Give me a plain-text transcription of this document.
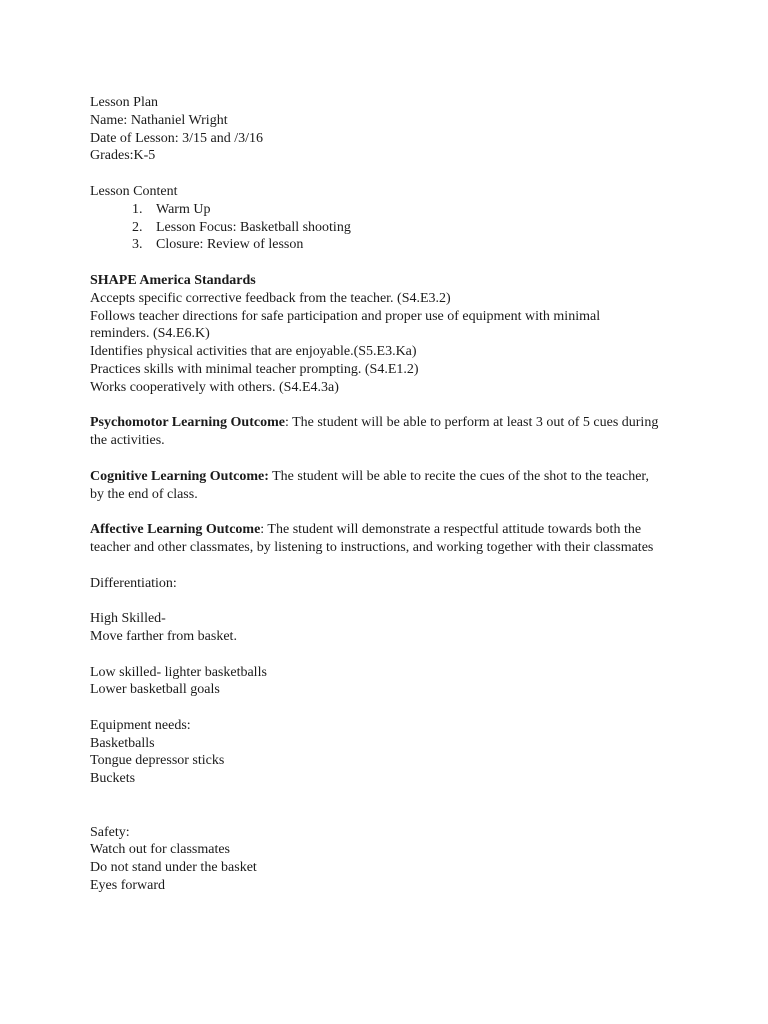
Lesson Plan
Name: Nathaniel Wright
Date of Lesson: 3/15 and /3/16
Grades:K-5
Lesson Content
1. Warm Up
2. Lesson Focus: Basketball shooting
3. Closure: Review of lesson
SHAPE America Standards
Accepts specific corrective feedback from the teacher. (S4.E3.2)
Follows teacher directions for safe participation and proper use of equipment with minimal reminders. (S4.E6.K)
Identifies physical activities that are enjoyable.(S5.E3.Ka)
Practices skills with minimal teacher prompting. (S4.E1.2)
Works cooperatively with others. (S4.E4.3a)
Psychomotor Learning Outcome: The student will be able to perform at least 3 out of 5 cues during the activities.
Cognitive Learning Outcome: The student will be able to recite the cues of the shot to the teacher, by the end of class.
Affective Learning Outcome: The student will demonstrate a respectful attitude towards both the teacher and other classmates, by listening to instructions, and working together with their classmates
Differentiation:
High Skilled-
Move farther from basket.
Low skilled- lighter basketballs
Lower basketball goals
Equipment needs:
Basketballs
Tongue depressor sticks
Buckets
Safety:
Watch out for classmates
Do not stand under the basket
Eyes forward
